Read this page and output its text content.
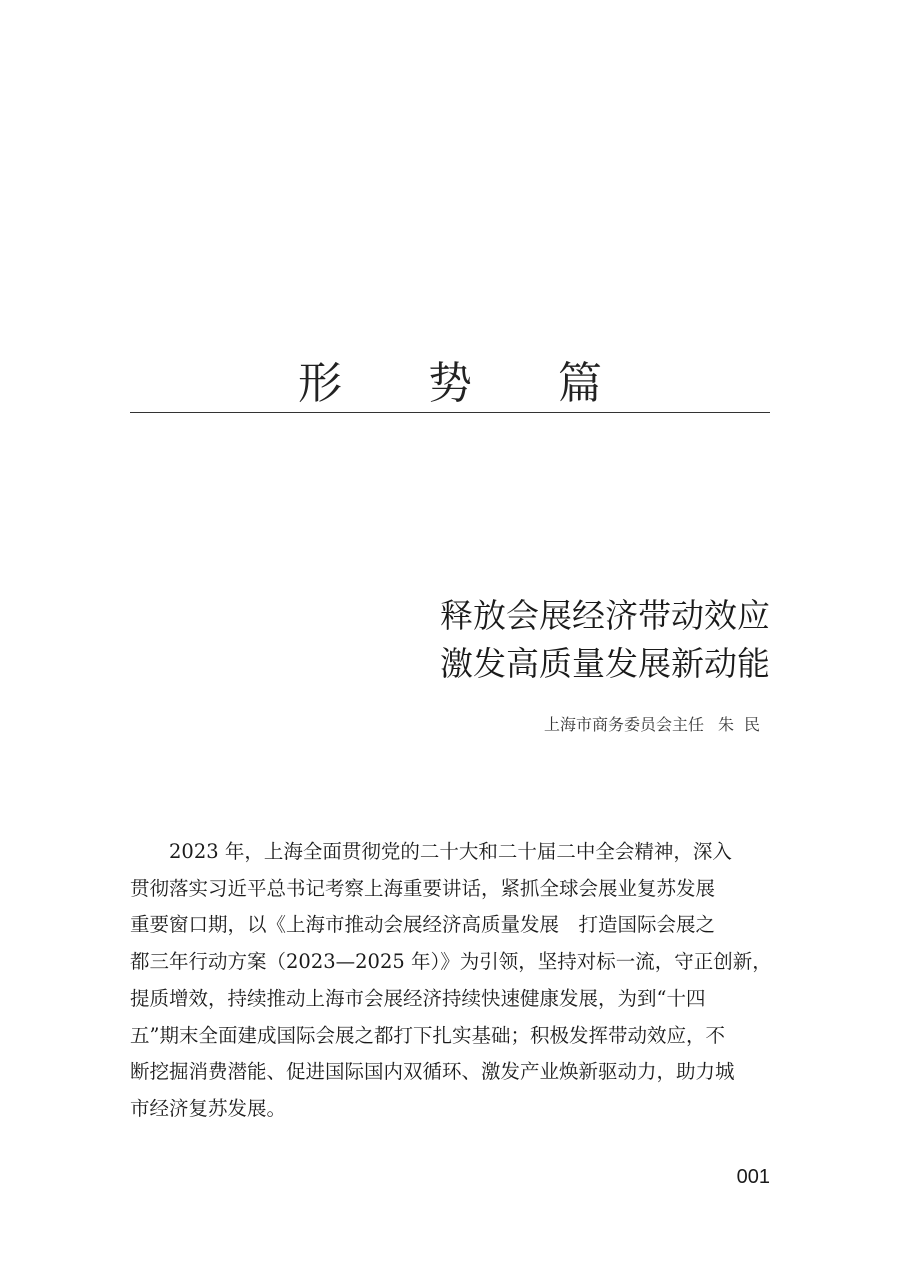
形 势 篇
释放会展经济带动效应
激发高质量发展新动能
上海市商务委员会主任 朱民
2023 年，上海全面贯彻党的二十大和二十届二中全会精神，深入
贯彻落实习近平总书记考察上海重要讲话，紧抓全球会展业复苏发展
重要窗口期，以《上海市推动会展经济高质量发展　打造国际会展之
都三年行动方案（2023—2025 年）》为引领，坚持对标一流，守正创新，
提质增效，持续推动上海市会展经济持续快速健康发展，为到“十四
五”期末全面建成国际会展之都打下扎实基础；积极发挥带动效应，不
断挖掘消费潜能、促进国际国内双循环、激发产业焕新驱动力，助力城
市经济复苏发展。
001
